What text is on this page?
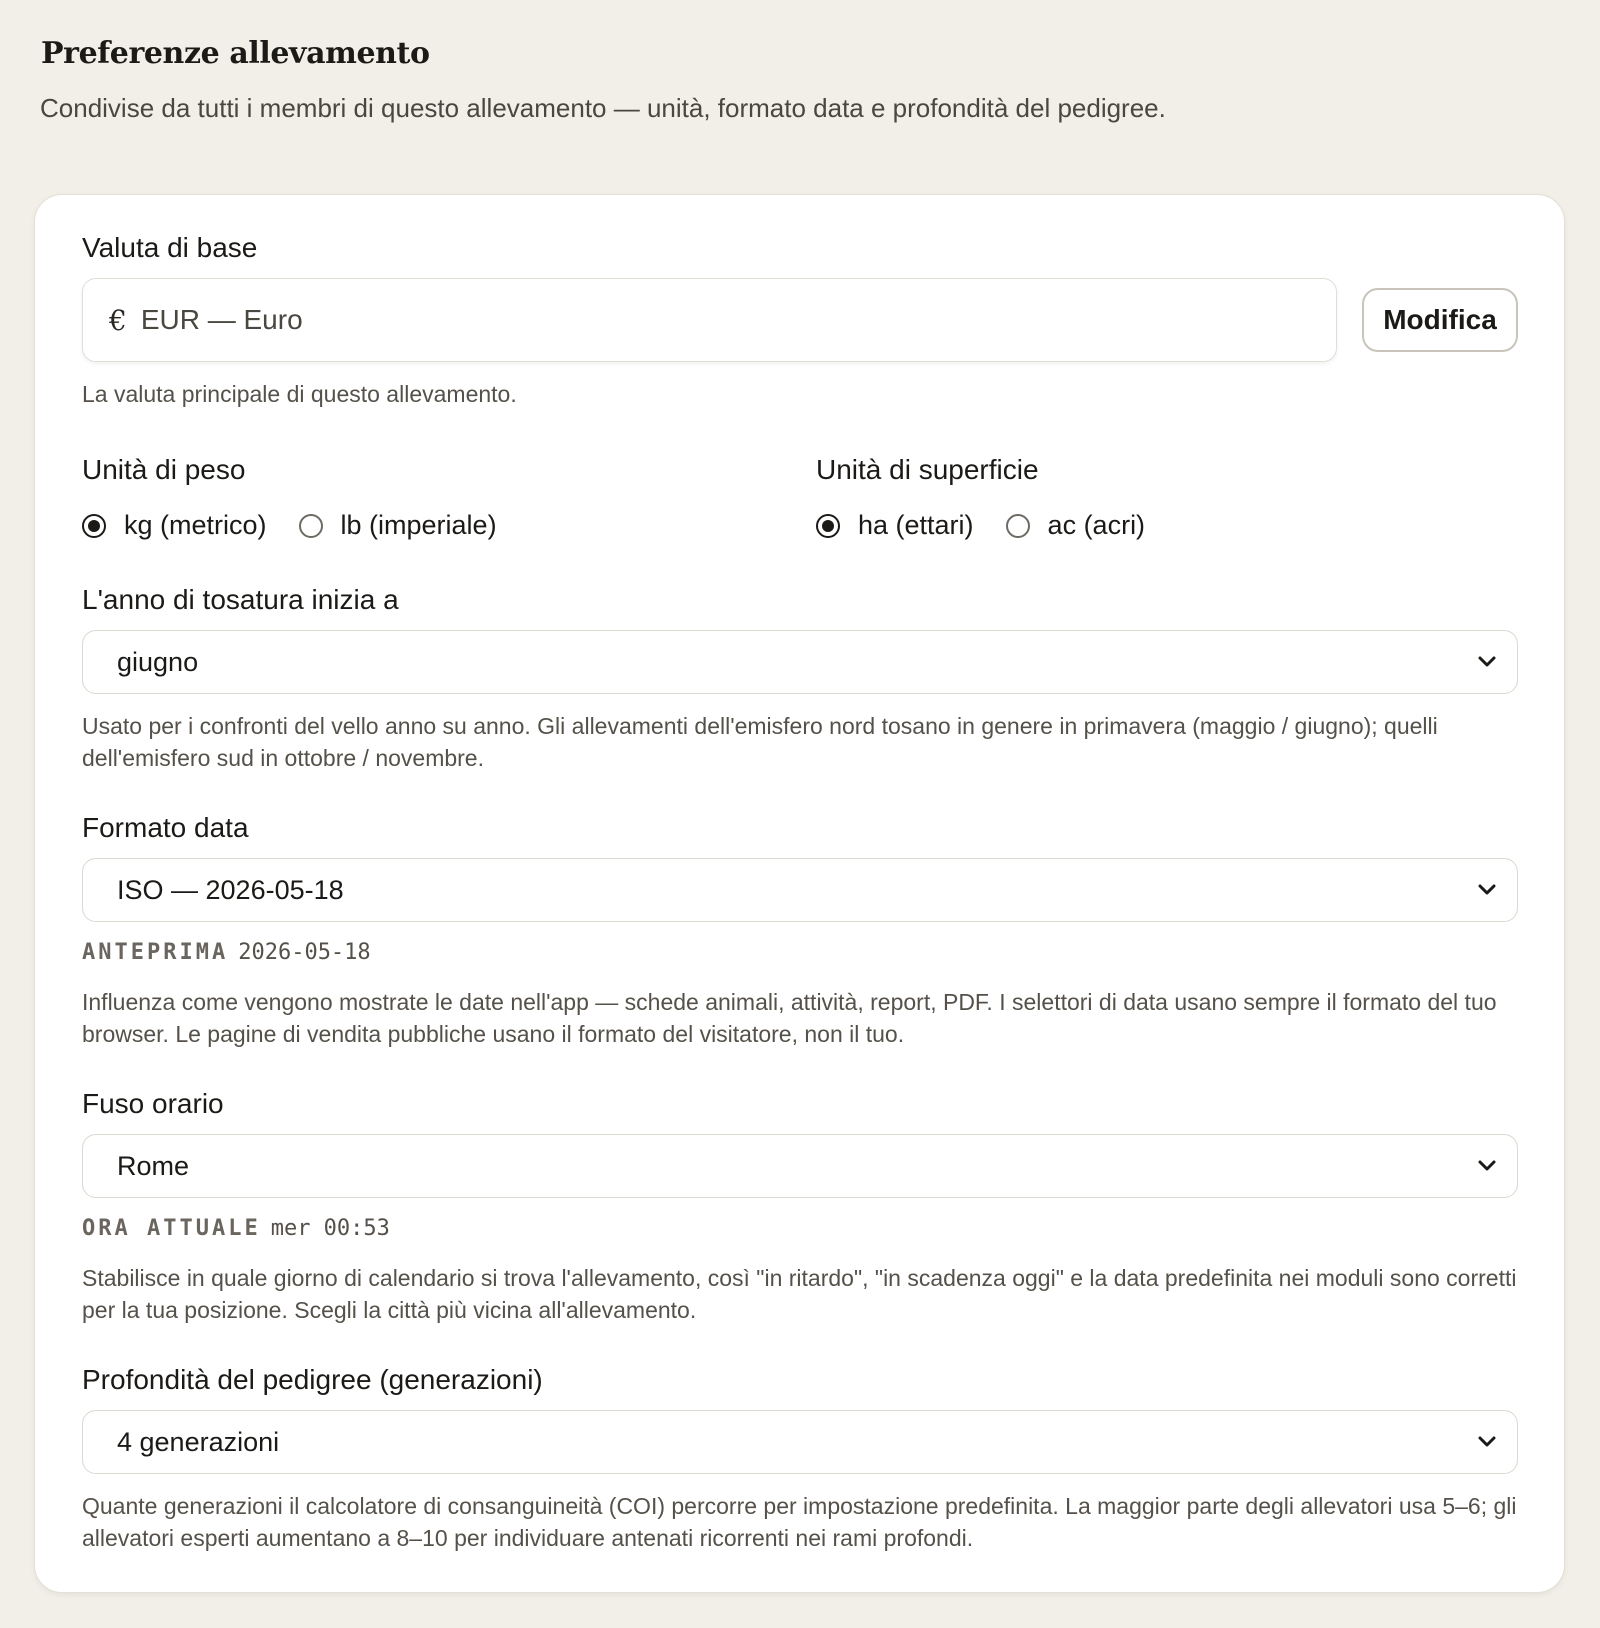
Preferenze allevamento
Condivise da tutti i membri di questo allevamento — unità, formato data e profondità del pedigree.
Valuta di base
€ EUR — Euro	Modifica
La valuta principale di questo allevamento.
Unità di peso
kg (metrico)	lb (imperiale)
Unità di superficie
ha (ettari)	ac (acri)
L'anno di tosatura inizia a
giugno
Usato per i confronti del vello anno su anno. Gli allevamenti dell'emisfero nord tosano in genere in primavera (maggio / giugno); quelli dell'emisfero sud in ottobre / novembre.
Formato data
ISO — 2026-05-18
ANTEPRIMA 2026-05-18
Influenza come vengono mostrate le date nell'app — schede animali, attività, report, PDF. I selettori di data usano sempre il formato del tuo browser. Le pagine di vendita pubbliche usano il formato del visitatore, non il tuo.
Fuso orario
Rome
ORA ATTUALE mer 00:53
Stabilisce in quale giorno di calendario si trova l'allevamento, così "in ritardo", "in scadenza oggi" e la data predefinita nei moduli sono corretti per la tua posizione. Scegli la città più vicina all'allevamento.
Profondità del pedigree (generazioni)
4 generazioni
Quante generazioni il calcolatore di consanguineità (COI) percorre per impostazione predefinita. La maggior parte degli allevatori usa 5–6; gli allevatori esperti aumentano a 8–10 per individuare antenati ricorrenti nei rami profondi.
